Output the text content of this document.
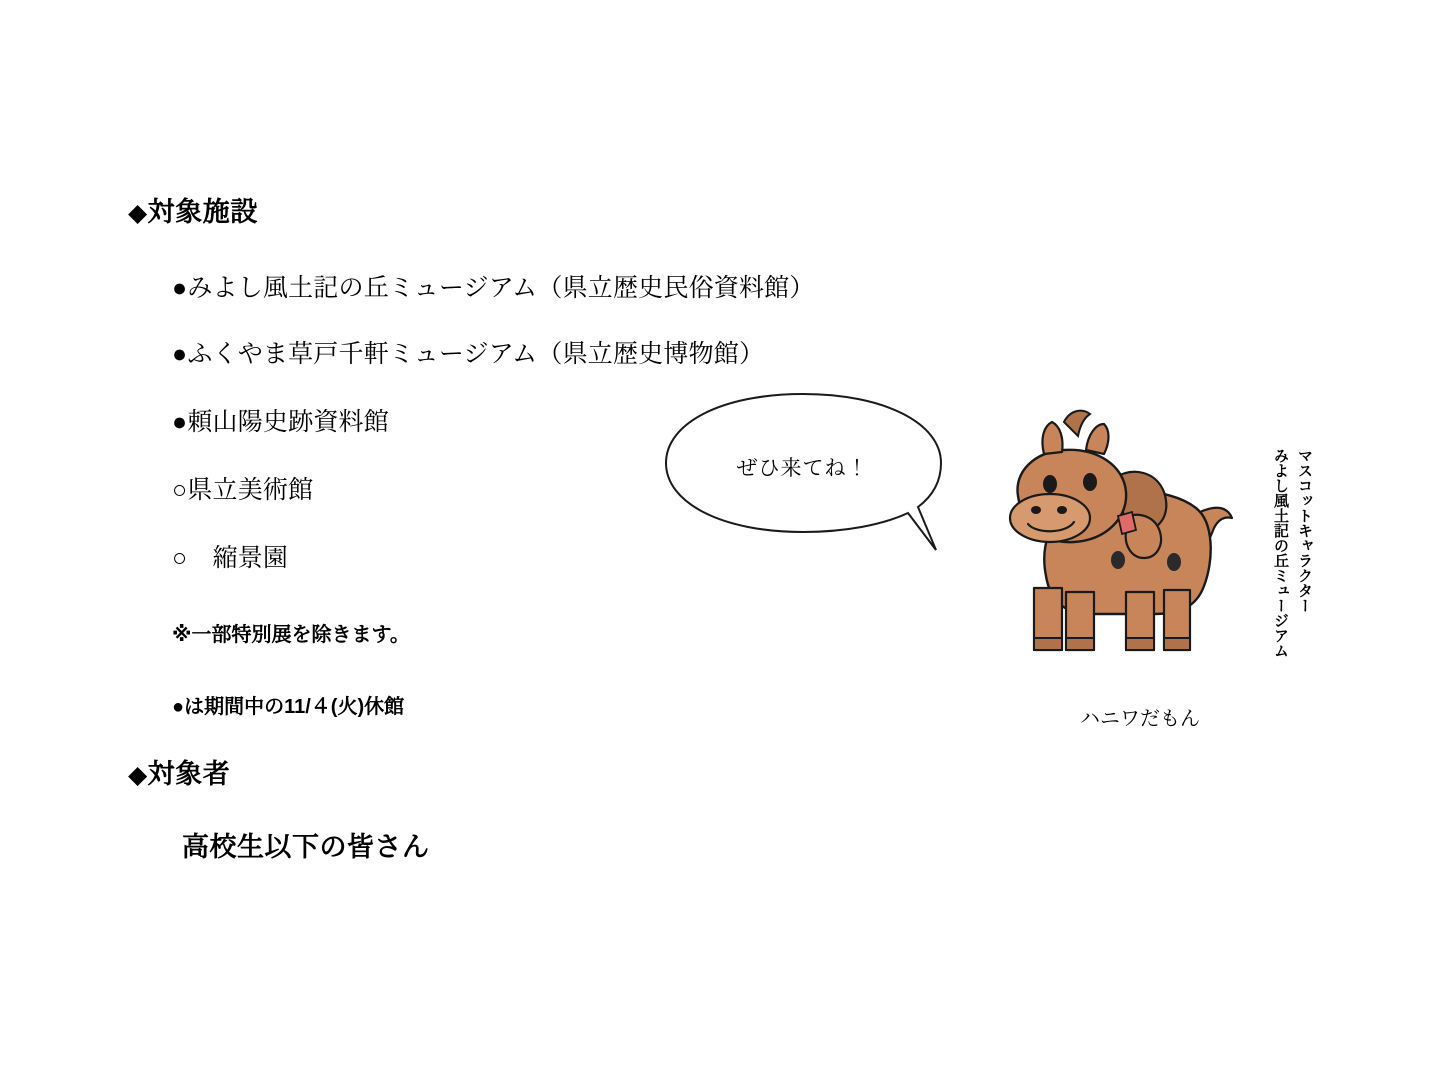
◆対象施設
●みよし風土記の丘ミュージアム（県立歴史民俗資料館）
●ふくやま草戸千軒ミュージアム（県立歴史博物館）
●頼山陽史跡資料館
○県立美術館
○　縮景園
※一部特別展を除きます。
●は期間中の11/４(火)休館
◆対象者
高校生以下の皆さん
ぜひ来てね！
ハニワだもん
みよし風土記の丘ミュージアム マスコットキャラクター
